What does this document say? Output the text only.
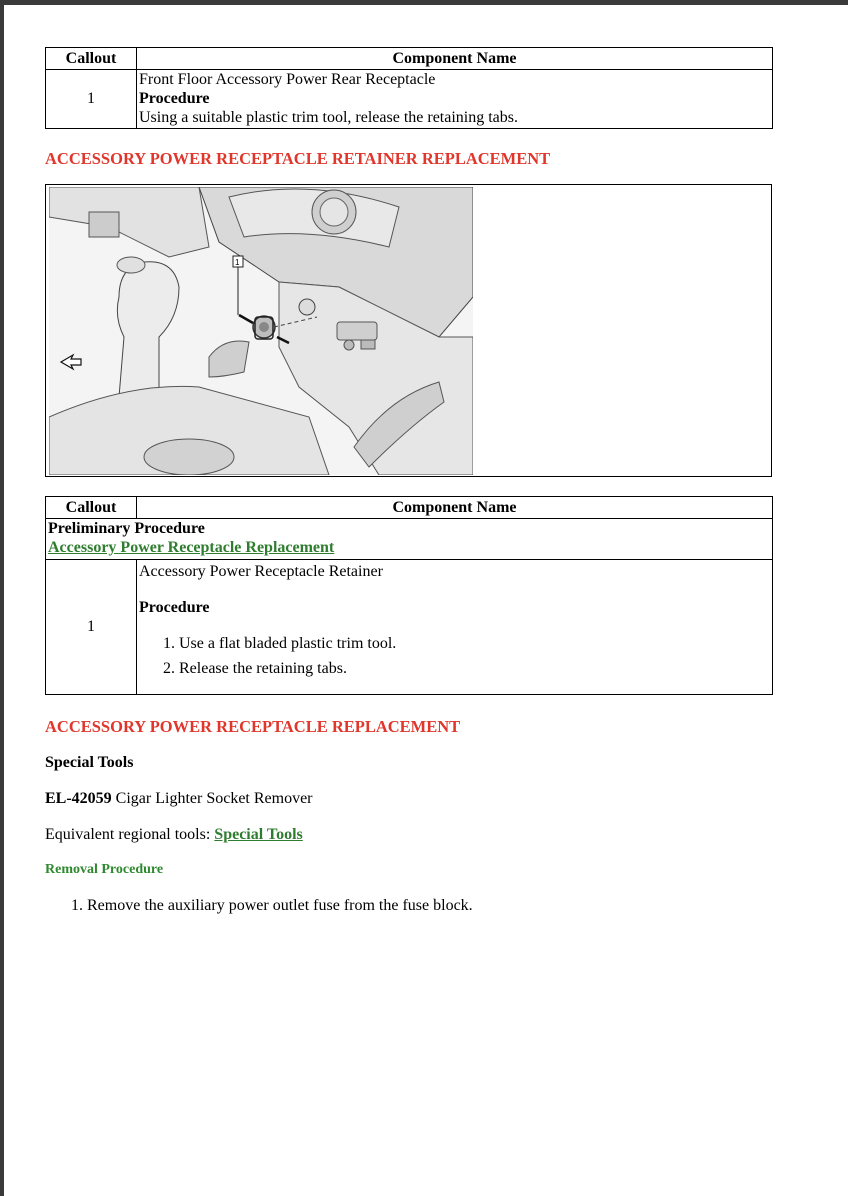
Callout	Component Name
1	Front Floor Accessory Power Rear Receptacle
Procedure
Using a suitable plastic trim tool, release the retaining tabs.
ACCESSORY POWER RECEPTACLE RETAINER REPLACEMENT
1
Callout	Component Name

Preliminary Procedure
Accessory Power Receptacle Replacement	

1	Accessory Power Receptacle Retainer
Procedure
1. Use a flat bladed plastic trim tool.
2. Release the retaining tabs.
ACCESSORY POWER RECEPTACLE REPLACEMENT
Special Tools
EL-42059 Cigar Lighter Socket Remover
Equivalent regional tools: Special Tools
Removal Procedure
1. Remove the auxiliary power outlet fuse from the fuse block.
